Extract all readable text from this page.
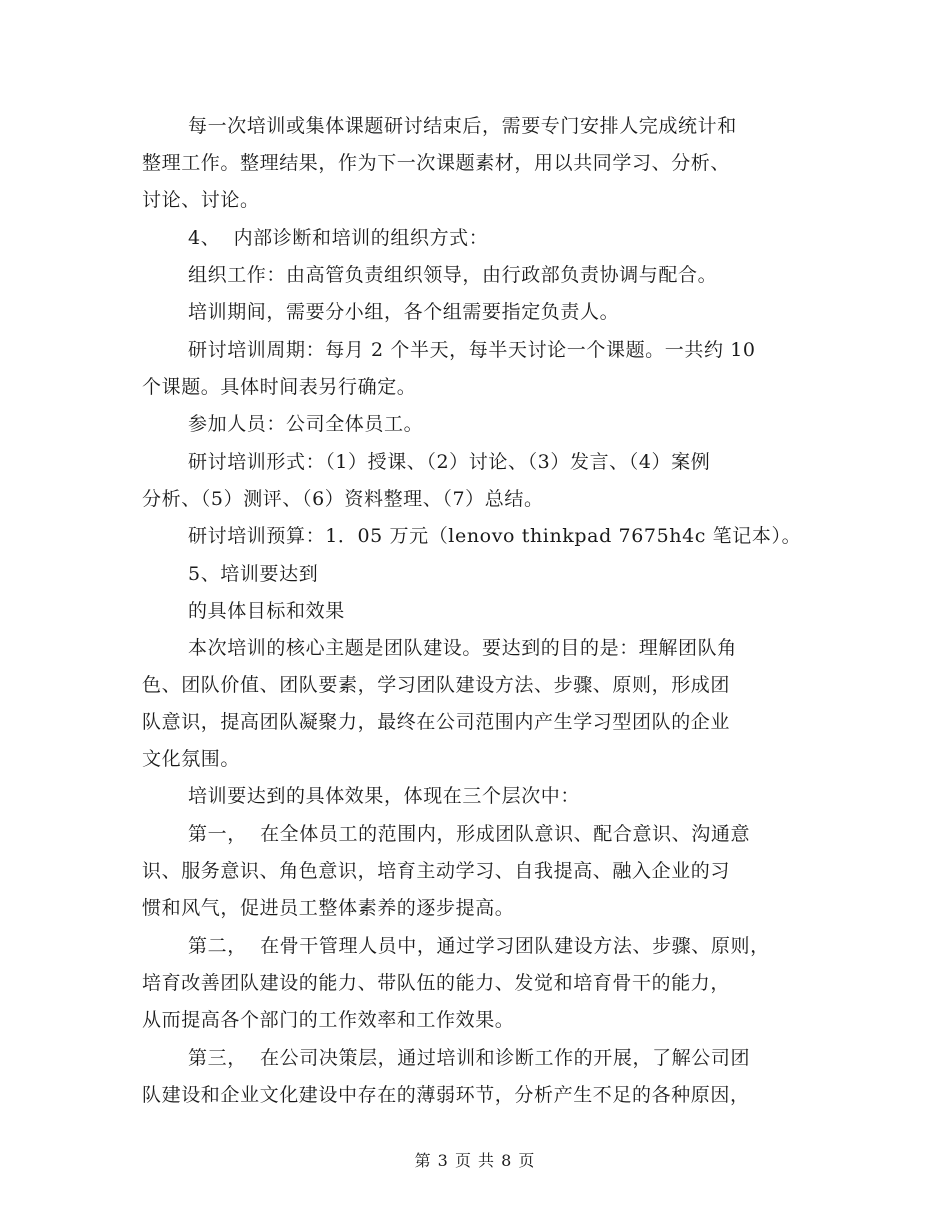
每一次培训或集体课题研讨结束后，需要专门安排人完成统计和
整理工作。整理结果，作为下一次课题素材，用以共同学习、分析、
讨论、讨论。
4、  内部诊断和培训的组织方式：
组织工作：由高管负责组织领导，由行政部负责协调与配合。
培训期间，需要分小组，各个组需要指定负责人。
研讨培训周期：每月 2 个半天，每半天讨论一个课题。一共约 10
个课题。具体时间表另行确定。
参加人员：公司全体员工。
研讨培训形式：（1）授课、（2）讨论、（3）发言、（4）案例
分析、（5）测评、（6）资料整理、（7）总结。
研讨培训预算：1．05 万元（lenovo thinkpad 7675h4c 笔记本）。
5、培训要达到
的具体目标和效果
本次培训的核心主题是团队建设。要达到的目的是：理解团队角
色、团队价值、团队要素，学习团队建设方法、步骤、原则，形成团
队意识，提高团队凝聚力，最终在公司范围内产生学习型团队的企业
文化氛围。
培训要达到的具体效果，体现在三个层次中：
第一，  在全体员工的范围内，形成团队意识、配合意识、沟通意
识、服务意识、角色意识，培育主动学习、自我提高、融入企业的习
惯和风气，促进员工整体素养的逐步提高。
第二，  在骨干管理人员中，通过学习团队建设方法、步骤、原则，
培育改善团队建设的能力、带队伍的能力、发觉和培育骨干的能力，
从而提高各个部门的工作效率和工作效果。
第三，  在公司决策层，通过培训和诊断工作的开展，了解公司团
队建设和企业文化建设中存在的薄弱环节，分析产生不足的各种原因，
第 3 页 共 8 页
